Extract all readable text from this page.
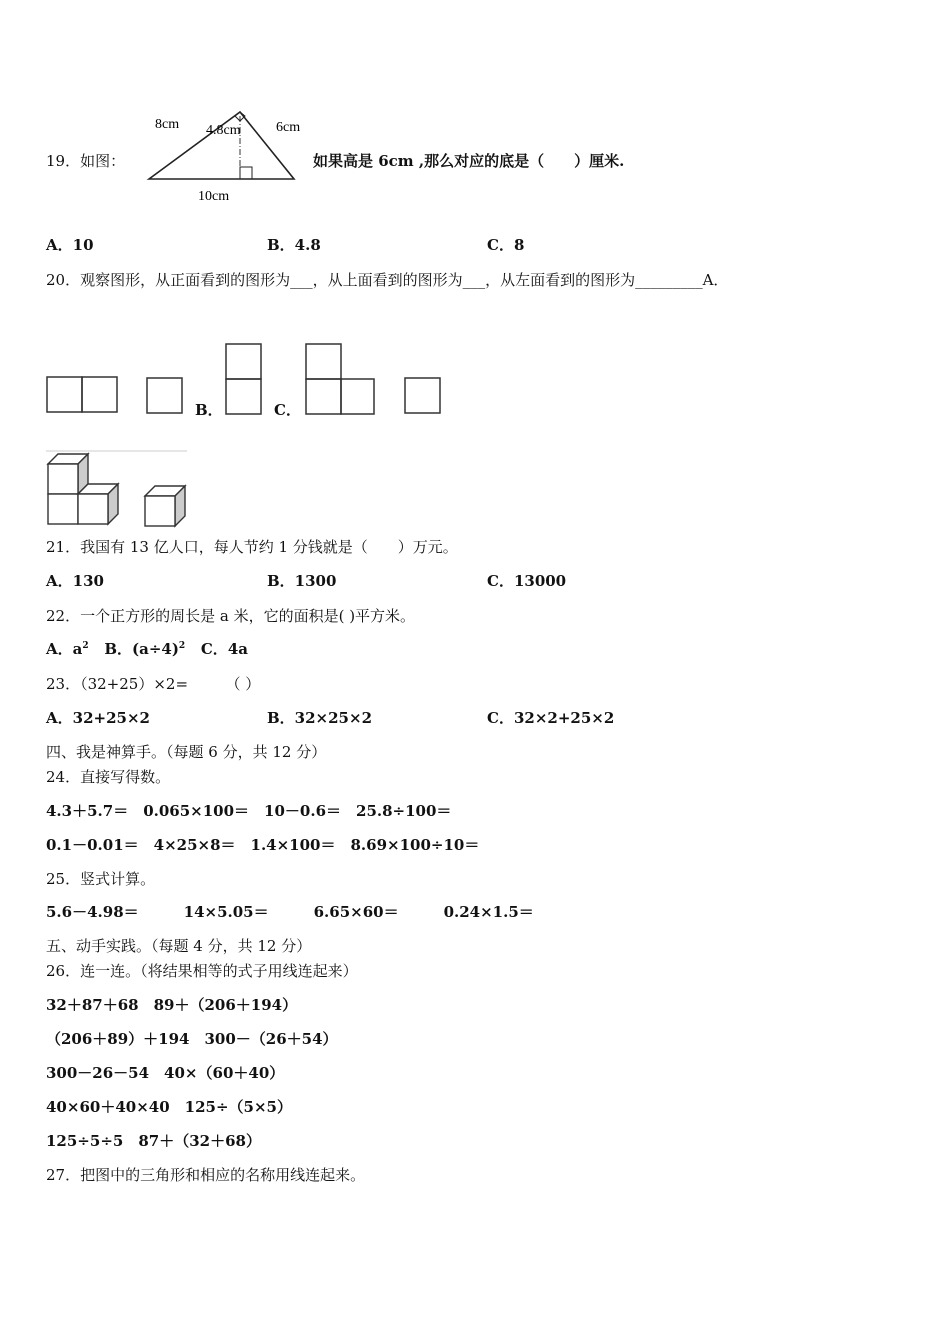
19．如图：
8cm 4.8cm	6cm
10cm
如果高是 6cm ,那么对应的底是（　　）厘米.
A．10	B．4.8	C．8
20．观察图形，从正面看到的图形为___，从上面看到的图形为___，从左面看到的图形为_________A．
B．	C．
21．我国有 13 亿人口，每人节约 1 分钱就是（　　）万元。
A．130	B．1300	C．13000
22．一个正方形的周长是 a 米，它的面积是( )平方米。
A．$a^2$ B．$(a\div 4)^2$ C．4a
23．（32+25）×2=　　　（ ）
A．32+25×2	B．32×25×2	C．32×2+25×2
四、我是神算手。（每题 6 分，共 12 分）
24．直接写得数。
4.3＋5.7＝　0.065×100＝　10－0.6＝　25.8÷100＝
0.1－0.01＝　4×25×8＝　1.4×100＝　8.69×100÷10＝
25．竖式计算。
5.6－4.98＝　　　14×5.05＝　　　6.65×60＝　　　0.24×1.5＝
五、动手实践。（每题 4 分，共 12 分）
26．连一连。（将结果相等的式子用线连起来）
32＋87＋68　89＋（206＋194）
（206＋89）＋194　300－（26＋54）
300－26－54　40×（60＋40）
40×60＋40×40　125÷（5×5）
125÷5÷5　87＋（32＋68）
27．把图中的三角形和相应的名称用线连起来。
